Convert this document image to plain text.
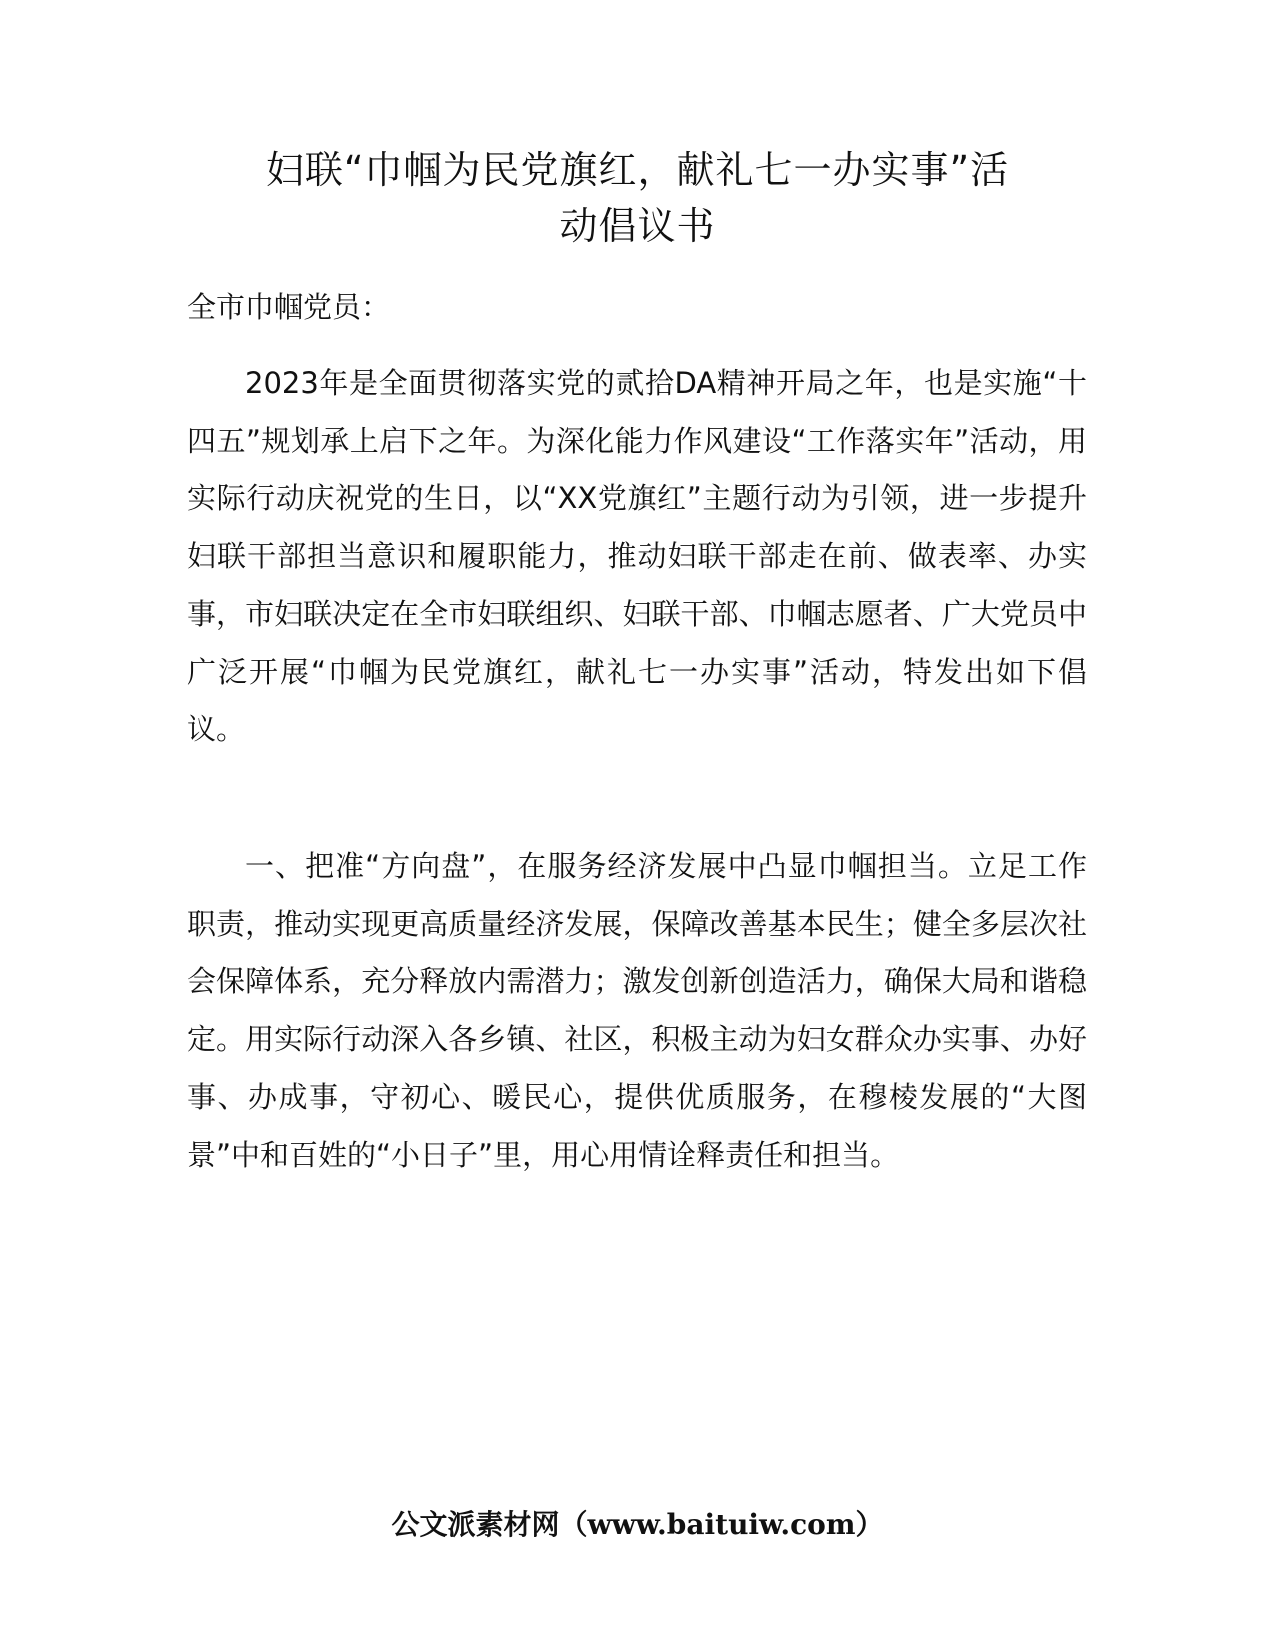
妇联“巾帼为民党旗红，献礼七一办实事”活
动倡议书

全市巾帼党员：

2023年是全面贯彻落实党的贰拾DA精神开局之年，也是实施“十四五”规划承上启下之年。为深化能力作风建设“工作落实年”活动，用实际行动庆祝党的生日，以“XX党旗红”主题行动为引领，进一步提升妇联干部担当意识和履职能力，推动妇联干部走在前、做表率、办实事，市妇联决定在全市妇联组织、妇联干部、巾帼志愿者、广大党员中广泛开展“巾帼为民党旗红，献礼七一办实事”活动，特发出如下倡议。

一、把准“方向盘”，在服务经济发展中凸显巾帼担当。立足工作职责，推动实现更高质量经济发展，保障改善基本民生；健全多层次社会保障体系，充分释放内需潜力；激发创新创造活力，确保大局和谐稳定。用实际行动深入各乡镇、社区，积极主动为妇女群众办实事、办好事、办成事，守初心、暖民心，提供优质服务，在穆棱发展的“大图景”中和百姓的“小日子”里，用心用情诠释责任和担当。

公文派素材网（www.baituiw.com）
